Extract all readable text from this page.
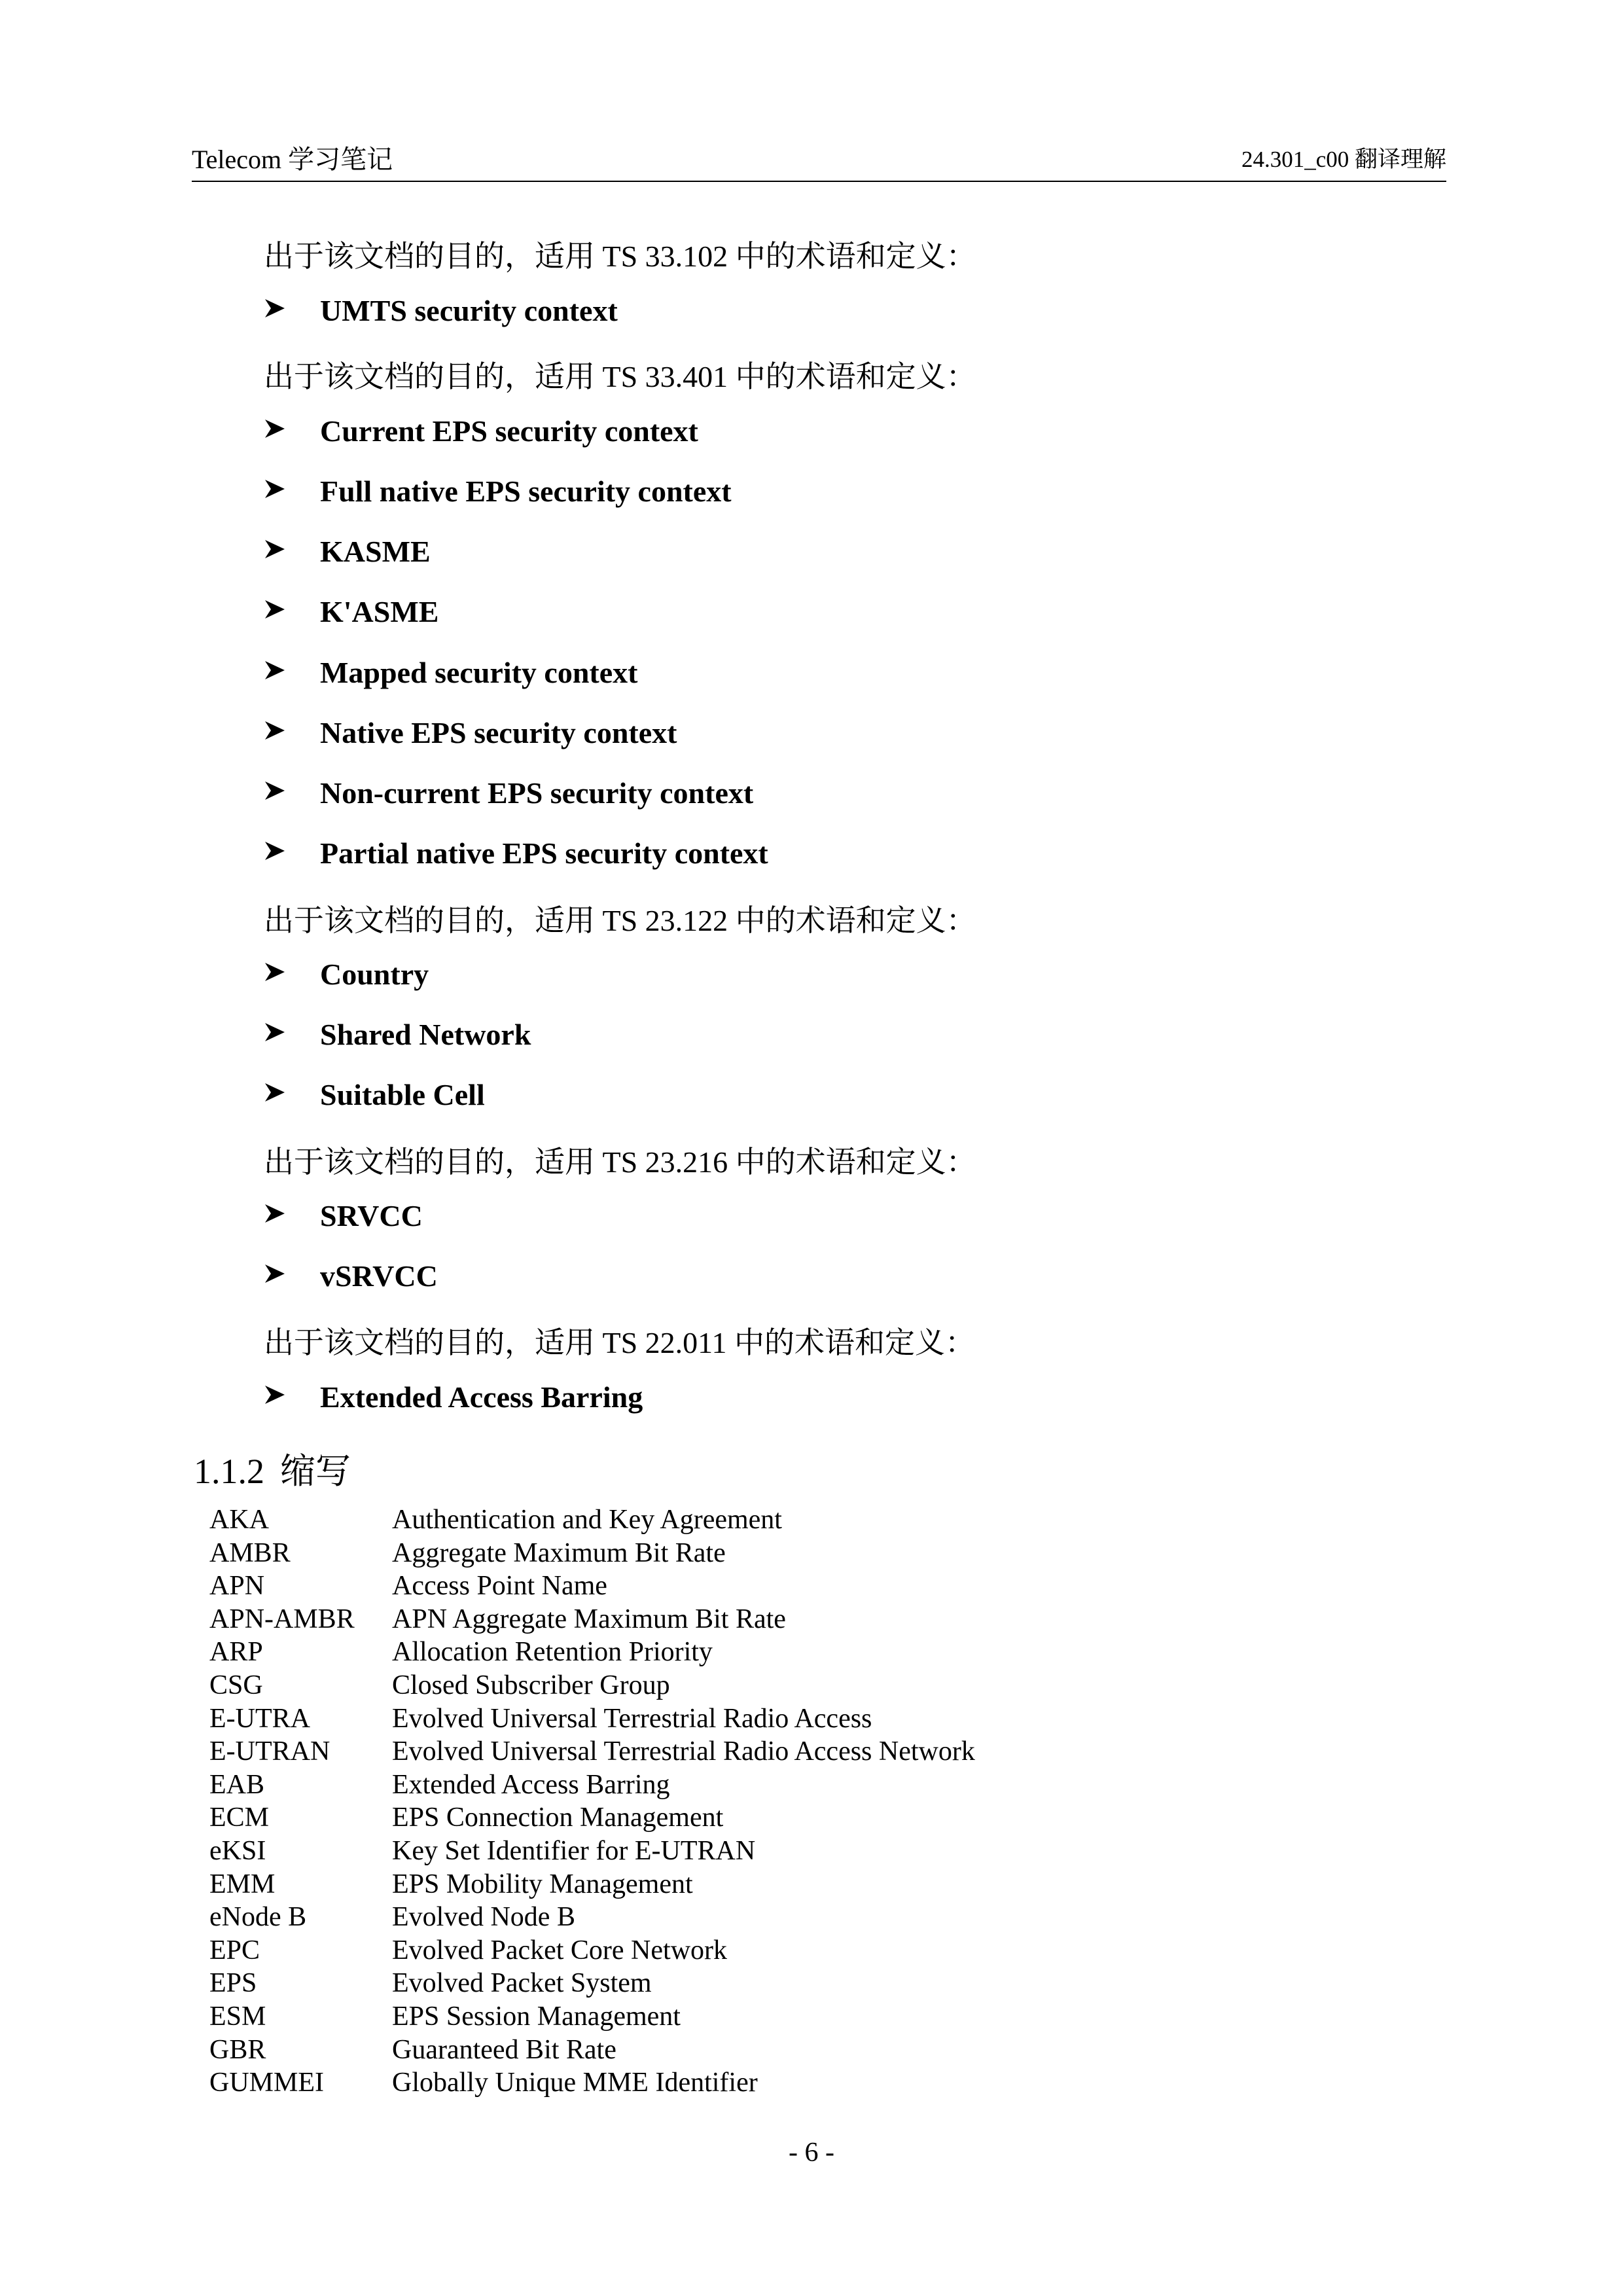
Telecom 学习笔记	24.301_c00 翻译理解
出于该文档的目的，适用 TS 33.102 中的术语和定义：
UMTS security context
出于该文档的目的，适用 TS 33.401 中的术语和定义：
Current EPS security context
Full native EPS security context
KASME
K'ASME
Mapped security context
Native EPS security context
Non-current EPS security context
Partial native EPS security context
出于该文档的目的，适用 TS 23.122 中的术语和定义：
Country
Shared Network
Suitable Cell
出于该文档的目的，适用 TS 23.216 中的术语和定义：
SRVCC
vSRVCC
出于该文档的目的，适用 TS 22.011 中的术语和定义：
Extended Access Barring
1.1.2 缩写
AKA	Authentication and Key Agreement
AMBR	Aggregate Maximum Bit Rate
APN	Access Point Name
APN-AMBR APN Aggregate Maximum Bit Rate
ARP	Allocation Retention Priority
CSG	Closed Subscriber Group
E-UTRA	Evolved Universal Terrestrial Radio Access
E-UTRAN Evolved Universal Terrestrial Radio Access Network
EAB	Extended Access Barring
ECM	EPS Connection Management
eKSI	Key Set Identifier for E-UTRAN
EMM	EPS Mobility Management
eNode B	Evolved Node B
EPC	Evolved Packet Core Network
EPS	Evolved Packet System
ESM	EPS Session Management
GBR	Guaranteed Bit Rate
GUMMEI Globally Unique MME Identifier
- 6 -
